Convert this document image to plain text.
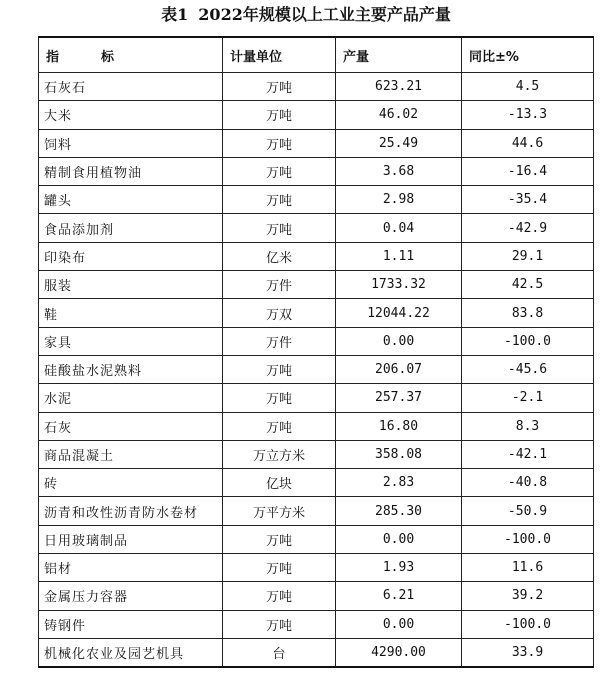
表1 2022年规模以上工业主要产品产量
指 标	计量单位	产量	同比±%
石灰石	万吨	623.21	4.5
大米	万吨	46.02	-13.3
饲料	万吨	25.49	44.6
精制食用植物油	万吨	3.68	-16.4
罐头	万吨	2.98	-35.4
食品添加剂	万吨	0.04	-42.9
印染布	亿米	1.11	29.1
服装	万件	1733.32	42.5
鞋	万双	12044.22	83.8
家具	万件	0.00	-100.0
硅酸盐水泥熟料	万吨	206.07	-45.6
水泥	万吨	257.37	-2.1
石灰	万吨	16.80	8.3
商品混凝土	万立方米	358.08	-42.1
砖	亿块	2.83	-40.8
沥青和改性沥青防水卷材	万平方米	285.30	-50.9
日用玻璃制品	万吨	0.00	-100.0
铝材	万吨	1.93	11.6
金属压力容器	万吨	6.21	39.2
铸钢件	万吨	0.00	-100.0
机械化农业及园艺机具	台	4290.00	33.9
